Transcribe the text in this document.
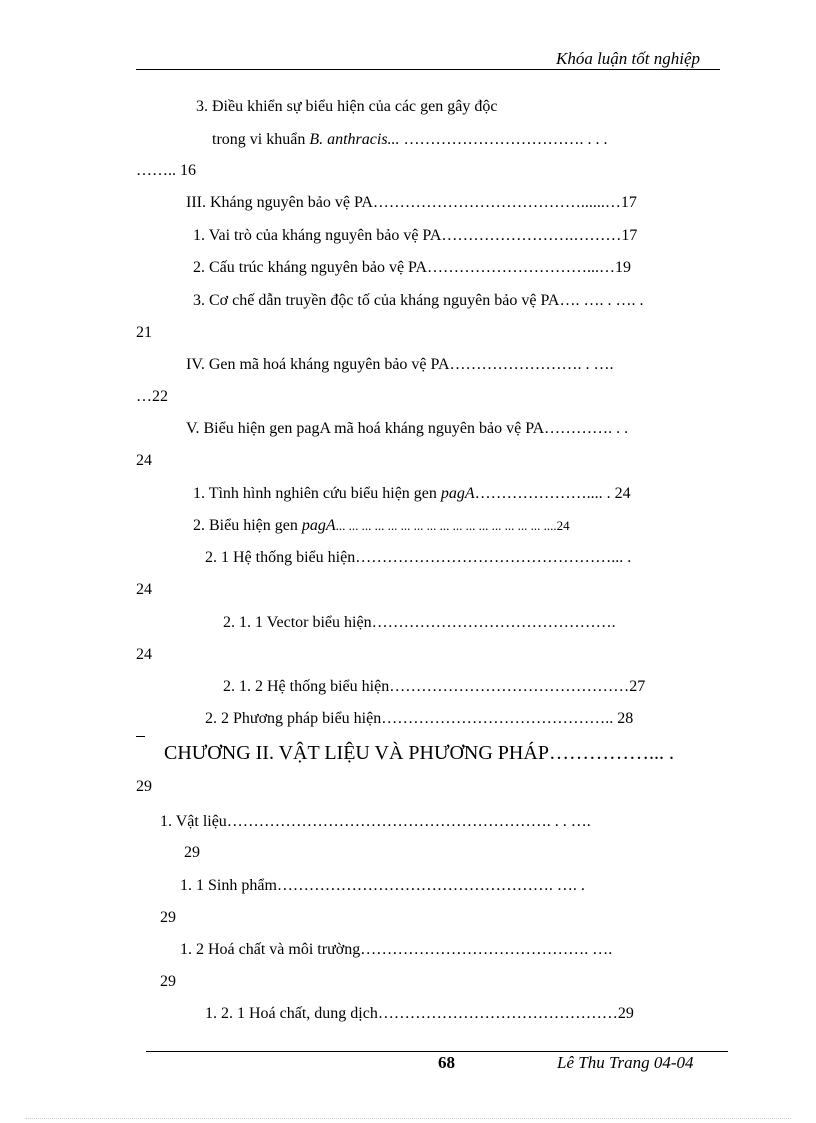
Khóa luận tốt nghiệp
3. Điều khiển sự biểu hiện của các gen gây độc
trong vi khuẩn B. anthracis... ……………………………. . . .
…….. 16
III. Kháng nguyên bảo vệ PA…………………………………......…17
1. Vai trò của kháng nguyên bảo vệ PA…………………….………17
2. Cấu trúc kháng nguyên bảo vệ PA…………………………...…19
3. Cơ chế dẫn truyền độc tố của kháng nguyên bảo vệ PA…. …. . …. .
21
IV. Gen mã hoá kháng nguyên bảo vệ PA……………………. . ….
…22
V. Biểu hiện gen pagA mã hoá kháng nguyên bảo vệ PA…………. . .
24
1. Tình hình nghiên cứu biểu hiện gen pagA………………….... . 24
2. Biểu hiện gen pagA... ... ... ... ... ... ... ... ... ... ... ... ... ... ... ... ....24
2. 1 Hệ thống biểu hiện…………………………………………... .
24
2. 1. 1 Vector biểu hiện……………………………………….
24
2. 1. 2 Hệ thống biểu hiện………………………………………27
2. 2 Phương pháp biểu hiện…………………………………….. 28
CHƯƠNG II. VẬT LIỆU VÀ PHƯƠNG PHÁP……………... .
29
1. Vật liệu……………………………………………………. . . ….
29
1. 1 Sinh phẩm……………………………………………. …. .
29
1. 2 Hoá chất và môi trường……………………………………. ….
29
1. 2. 1 Hoá chất, dung dịch………………………………………29
68	Lê Thu Trang 04-04
